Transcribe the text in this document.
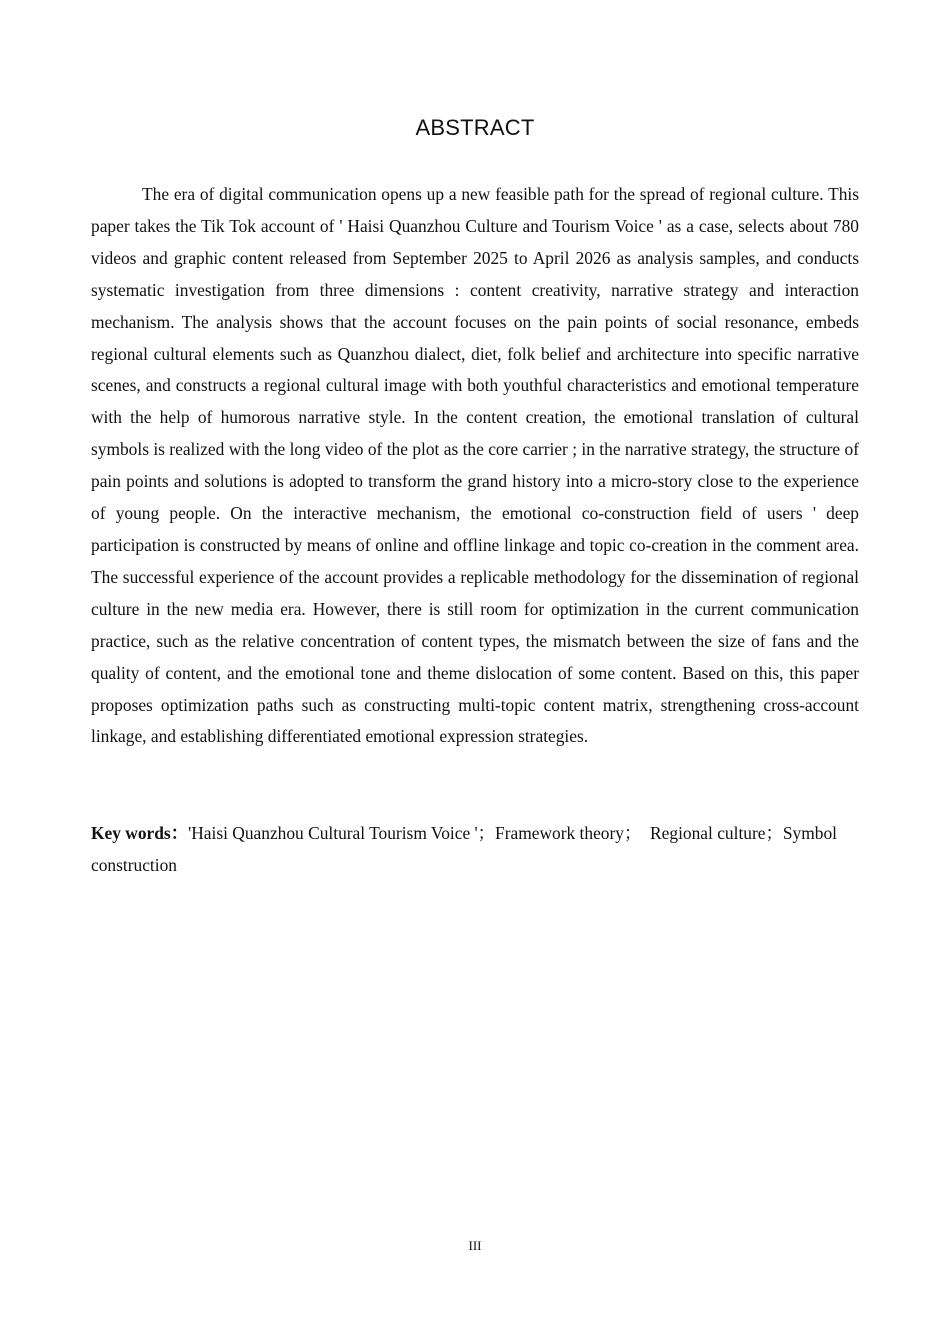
ABSTRACT

The era of digital communication opens up a new feasible path for the spread of regional culture. This paper takes the Tik Tok account of ' Haisi Quanzhou Culture and Tourism Voice ' as a case, selects about 780 videos and graphic content released from September 2025 to April 2026 as analysis samples, and conducts systematic investigation from three dimensions : content creativity, narrative strategy and interaction mechanism. The analysis shows that the account focuses on the pain points of social resonance, embeds regional cultural elements such as Quanzhou dialect, diet, folk belief and architecture into specific narrative scenes, and constructs a regional cultural image with both youthful characteristics and emotional temperature with the help of humorous narrative style. In the content creation, the emotional translation of cultural symbols is realized with the long video of the plot as the core carrier ; in the narrative strategy, the structure of pain points and solutions is adopted to transform the grand history into a micro-story close to the experience of young people. On the interactive mechanism, the emotional co-construction field of users ' deep participation is constructed by means of online and offline linkage and topic co-creation in the comment area. The successful experience of the account provides a replicable methodology for the dissemination of regional culture in the new media era. However, there is still room for optimization in the current communication practice, such as the relative concentration of content types, the mismatch between the size of fans and the quality of content, and the emotional tone and theme dislocation of some content. Based on this, this paper proposes optimization paths such as constructing multi-topic content matrix, strengthening cross-account linkage, and establishing differentiated emotional expression strategies.

Key words：'Haisi Quanzhou Cultural Tourism Voice '；Framework theory；　Regional culture；Symbol construction

III
